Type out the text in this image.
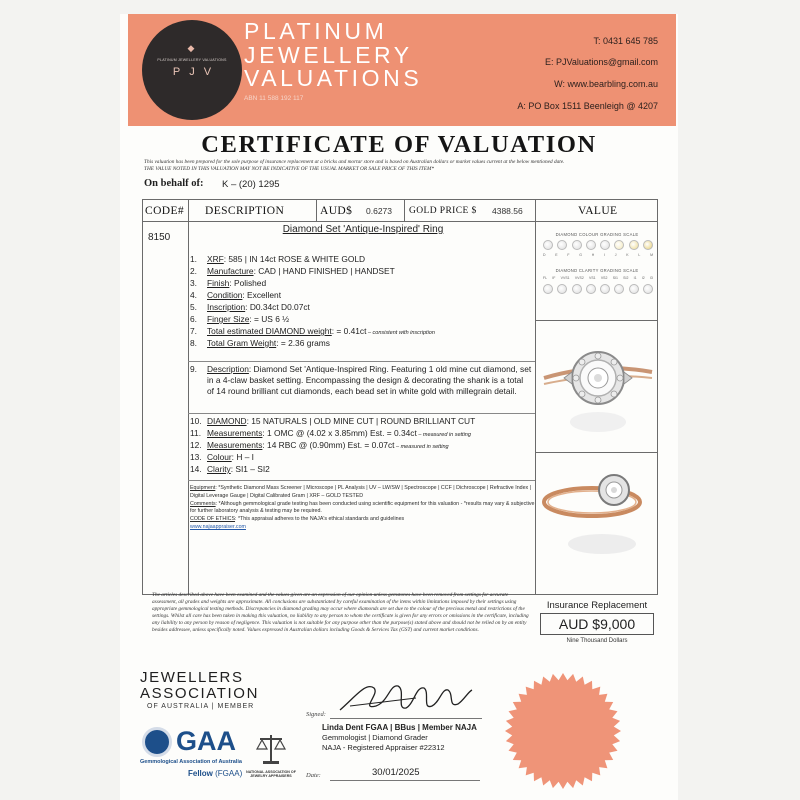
◆
PLATINUM JEWELLERY VALUATIONS
PJV
PLATINUM
JEWELLERY
VALUATIONS
ABN 11 588 192 117
T: 0431 645 785
E: PJValuations@gmail.com
W: www.bearbling.com.au
A: PO Box 1511 Beenleigh @ 4207
CERTIFICATE OF VALUATION
This valuation has been prepared for the sole purpose of insurance replacement at a bricks and mortar store and is based on Australian dollars or market values current at the below mentioned date.
THE VALUE NOTED IN THIS VALUATION MAY NOT BE INDICATIVE OF THE USUAL MARKET OR SALE PRICE OF THIS ITEM*
On behalf of: K – (20) 1295
CODE# DESCRIPTION	AUD$ 0.6273 GOLD PRICE $ 4388.56	VALUE
8150
Diamond Set 'Antique-Inspired' Ring
1. XRF: 585 | IN 14ct ROSE & WHITE GOLD
2. Manufacture: CAD | HAND FINISHED | HANDSET
3. Finish: Polished
4. Condition: Excellent
5. Inscription: D0.34ct D0.07ct
6. Finger Size: = US 6 ½
7. Total estimated DIAMOND weight: = 0.41ct – consistent with inscription
8. Total Gram Weight: = 2.36 grams
9. Description: Diamond Set 'Antique-Inspired Ring. Featuring 1 old mine cut diamond, set in a 4-claw basket setting. Encompassing the design & decorating the shank is a total of 14 round brilliant cut diamonds, each bead set in white gold with millegrain detail.
10. DIAMOND: 15 NATURALS | OLD MINE CUT | ROUND BRILLIANT CUT
11. Measurements: 1 OMC @ (4.02 x 3.85mm) Est. = 0.34ct – measured in setting
12. Measurements: 14 RBC @ (0.90mm) Est. = 0.07ct – measured in setting
13. Colour: H – I
14. Clarity: SI1 – SI2
Equipment: *Synthetic Diamond Mass Screener | Microscope | PL Analysis | UV – LW/SW | Spectroscope | CCF | Dichroscope | Refractive Index | Digital Leverage Gauge | Digital Calibrated Gram | XRF – GOLD TESTED
Comments: *Although gemmological grade testing has been conducted using scientific equipment for this valuation - *results may vary & subjective for further laboratory analysis & testing may be required.
CODE OF ETHICS: *This appraisal adheres to the NAJA's ethical standards and guidelines
www.najaappraiser.com
DIAMOND COLOUR GRADING SCALE
D	E	F	G	H	I	J	K	L	M
DIAMOND CLARITY GRADING SCALE
FL IF VVS1 VVS2 VS1 VS2 SI1 SI2 I1 I2 I3
Insurance Replacement
AUD $9,000
Nine Thousand Dollars
The articles described above have been examined and the values given are an expression of our opinion unless gemstones have been removed from settings for accurate assessment, all grades and weights are approximate. All conclusions are substantiated by careful examination of the items within limitations imposed by their settings using appropriate gemmological testing methods. Discrepancies in diamond grading may occur where diamonds are set due to the colour of the precious metal and restrictions of the settings. Whilst all care has been taken in making this valuation, no liability to any person to whom the certificate is given for any errors or omissions in the certificate, including any liability to any person by reason of negligence. This valuation is not suitable for any purpose other than the purpose(s) stated above and should not be relied on by an entity besides addressee, unless specifically noted. Values expressed in Australian dollars including Goods & Services Tax (GST) and current market conditions.
JEWELLERS
ASSOCIATION
OF AUSTRALIA | MEMBER
GAA
Gemmological Association of Australia
Fellow (FGAA)	NATIONAL ASSOCIATION OF JEWELRY APPRAISERS
Signed:
Linda Dent FGAA | BBus | Member NAJA
Gemmologist | Diamond Grader
NAJA - Registered Appraiser #22312
Date:	30/01/2025
